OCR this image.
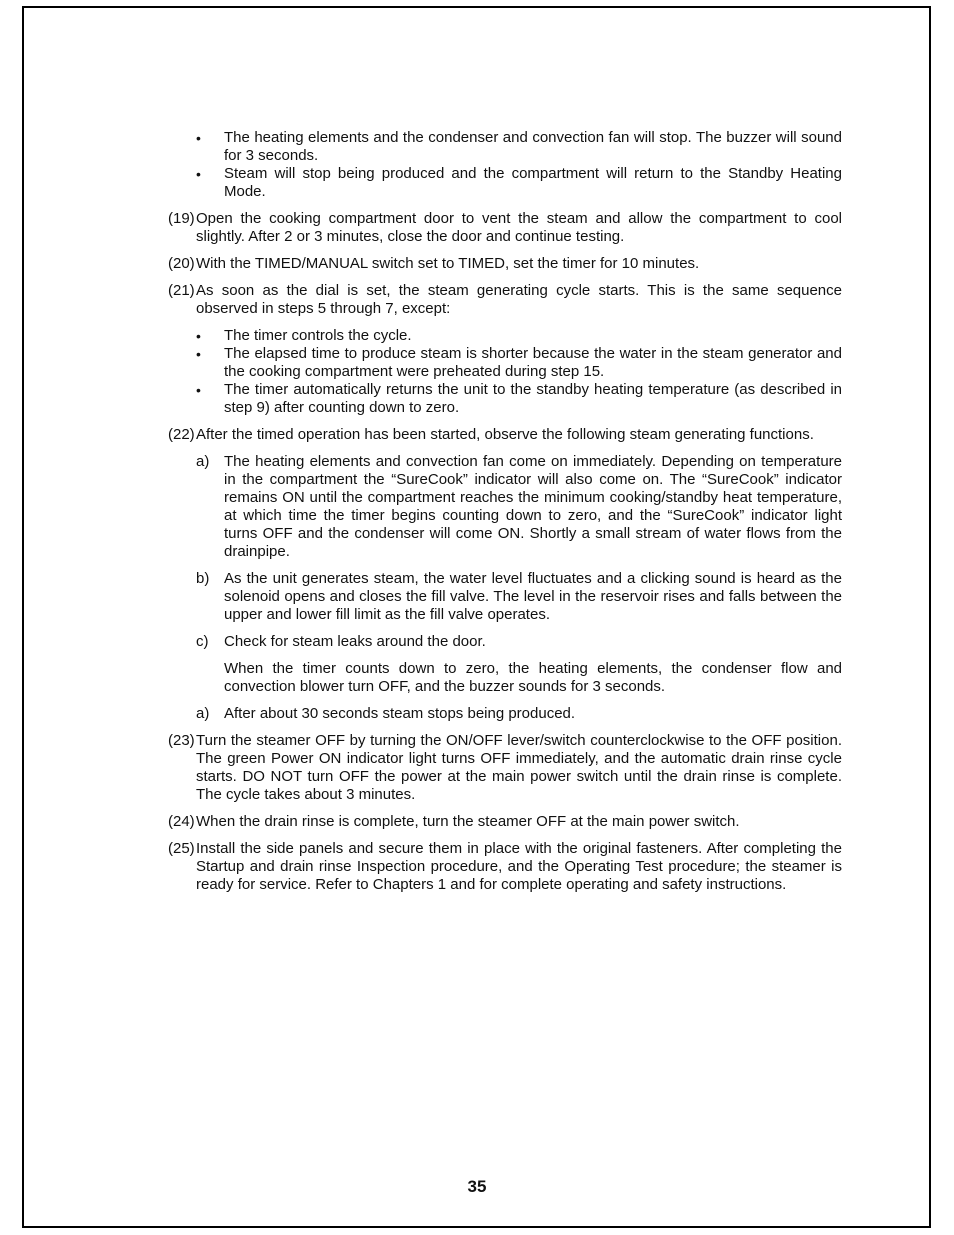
• The heating elements and the condenser and convection fan will stop. The buzzer will sound for 3 seconds.
• Steam will stop being produced and the compartment will return to the Standby Heating Mode.
(19) Open the cooking compartment door to vent the steam and allow the compartment to cool slightly. After 2 or 3 minutes, close the door and continue testing.
(20) With the TIMED/MANUAL switch set to TIMED, set the timer for 10 minutes.
(21) As soon as the dial is set, the steam generating cycle starts. This is the same sequence observed in steps 5 through 7, except:
• The timer controls the cycle.
• The elapsed time to produce steam is shorter because the water in the steam generator and the cooking compartment were preheated during step 15.
• The timer automatically returns the unit to the standby heating temperature (as described in step 9) after counting down to zero.
(22) After the timed operation has been started, observe the following steam generating functions.
a) The heating elements and convection fan come on immediately. Depending on temperature in the compartment the “SureCook” indicator will also come on. The “SureCook” indicator remains ON until the compartment reaches the minimum cooking/standby heat temperature, at which time the timer begins counting down to zero, and the “SureCook” indicator light turns OFF and the condenser will come ON. Shortly a small stream of water flows from the drainpipe.
b) As the unit generates steam, the water level fluctuates and a clicking sound is heard as the solenoid opens and closes the fill valve. The level in the reservoir rises and falls between the upper and lower fill limit as the fill valve operates.
c) Check for steam leaks around the door.
When the timer counts down to zero, the heating elements, the condenser flow and convection blower turn OFF, and the buzzer sounds for 3 seconds.
a) After about 30 seconds steam stops being produced.
(23) Turn the steamer OFF by turning the ON/OFF lever/switch counterclockwise to the OFF position. The green Power ON indicator light turns OFF immediately, and the automatic drain rinse cycle starts. DO NOT turn OFF the power at the main power switch until the drain rinse is complete. The cycle takes about 3 minutes.
(24) When the drain rinse is complete, turn the steamer OFF at the main power switch.
(25) Install the side panels and secure them in place with the original fasteners. After completing the Startup and drain rinse Inspection procedure, and the Operating Test procedure; the steamer is ready for service. Refer to Chapters 1 and for complete operating and safety instructions.
35
